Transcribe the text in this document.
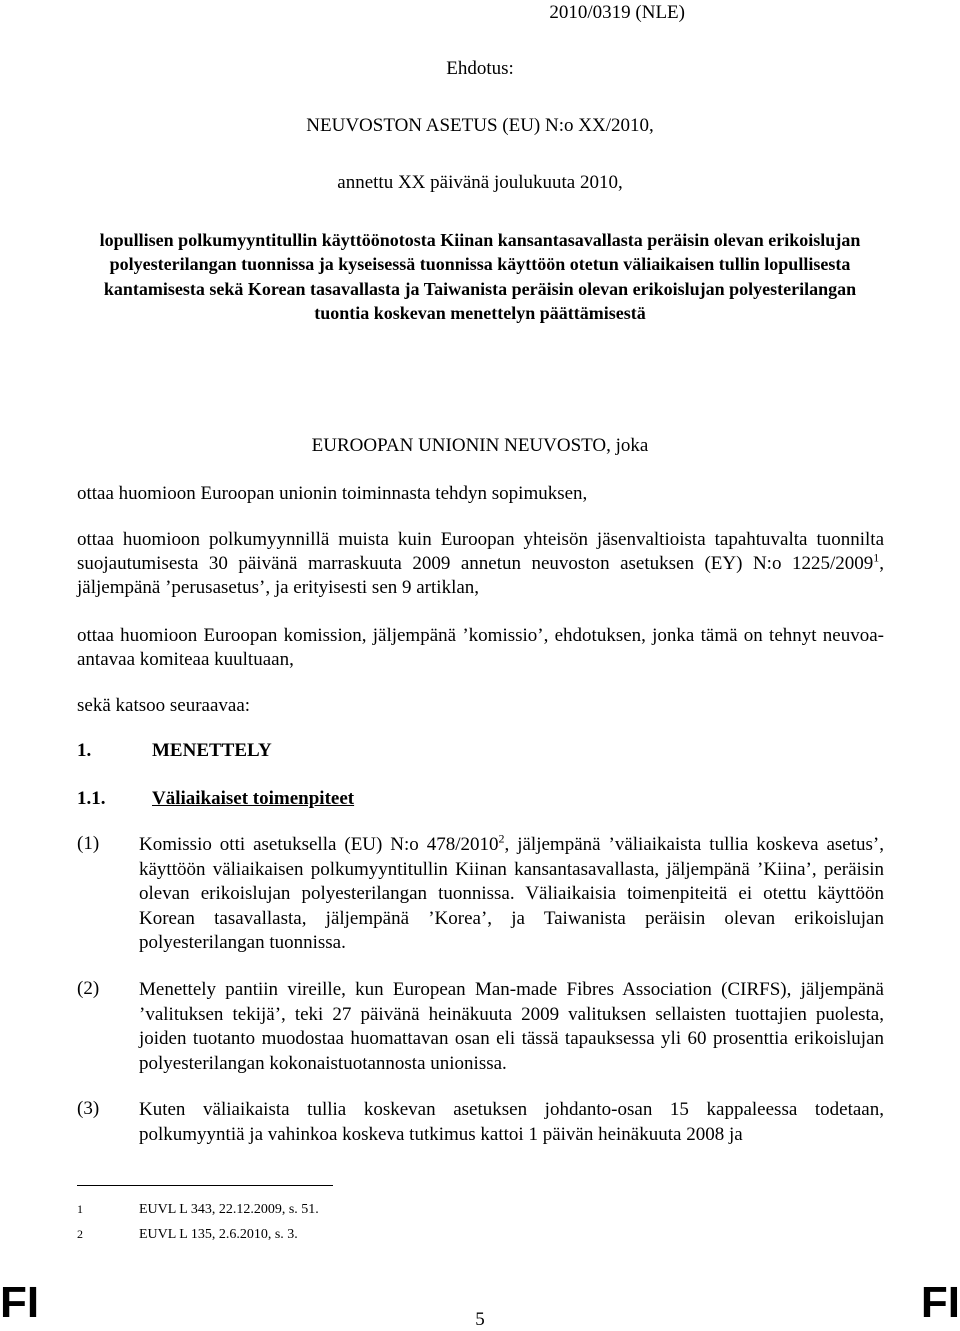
2010/0319 (NLE)
Ehdotus:
NEUVOSTON ASETUS (EU) N:o XX/2010,
annettu XX päivänä joulukuuta 2010,
lopullisen polkumyyntitullin käyttöönotosta Kiinan kansantasavallasta peräisin olevan erikoislujan polyesterilangan tuonnissa ja kyseisessä tuonnissa käyttöön otetun väliaikaisen tullin lopullisesta kantamisesta sekä Korean tasavallasta ja Taiwanista peräisin olevan erikoislujan polyesterilangan tuontia koskevan menettelyn päättämisestä
EUROOPAN UNIONIN NEUVOSTO, joka
ottaa huomioon Euroopan unionin toiminnasta tehdyn sopimuksen,
ottaa huomioon polkumyynnillä muista kuin Euroopan yhteisön jäsenvaltioista tapahtuvalta tuonnilta suojautumisesta 30 päivänä marraskuuta 2009 annetun neuvoston asetuksen (EY) N:o 1225/2009$^1$, jäljempänä ’perusasetus’, ja erityisesti sen 9 artiklan,
ottaa huomioon Euroopan komission, jäljempänä ’komissio’, ehdotuksen, jonka tämä on tehnyt neuvoa-antavaa komiteaa kuultuaan,
sekä katsoo seuraavaa:
1.	MENETTELY
1.1. Väliaikaiset toimenpiteet
(1) Komissio otti asetuksella (EU) N:o 478/2010$^2$, jäljempänä ’väliaikaista tullia koskeva asetus’, käyttöön väliaikaisen polkumyyntitullin Kiinan kansantasavallasta, jäljempänä ’Kiina’, peräisin olevan erikoislujan polyesterilangan tuonnissa. Väliaikaisia toimenpiteitä ei otettu käyttöön Korean tasavallasta, jäljempänä ’Korea’, ja Taiwanista peräisin olevan erikoislujan polyesterilangan tuonnissa.
(2) Menettely pantiin vireille, kun European Man-made Fibres Association (CIRFS), jäljempänä ’valituksen tekijä’, teki 27 päivänä heinäkuuta 2009 valituksen sellaisten tuottajien puolesta, joiden tuotanto muodostaa huomattavan osan eli tässä tapauksessa yli 60 prosenttia erikoislujan polyesterilangan kokonaistuotannosta unionissa.
(3) Kuten väliaikaista tullia koskevan asetuksen johdanto-osan 15 kappaleessa todetaan, polkumyyntiä ja vahinkoa koskeva tutkimus kattoi 1 päivän heinäkuuta 2008 ja
1	EUVL L 343, 22.12.2009, s. 51.
2	EUVL L 135, 2.6.2010, s. 3.
FI	5	FI
